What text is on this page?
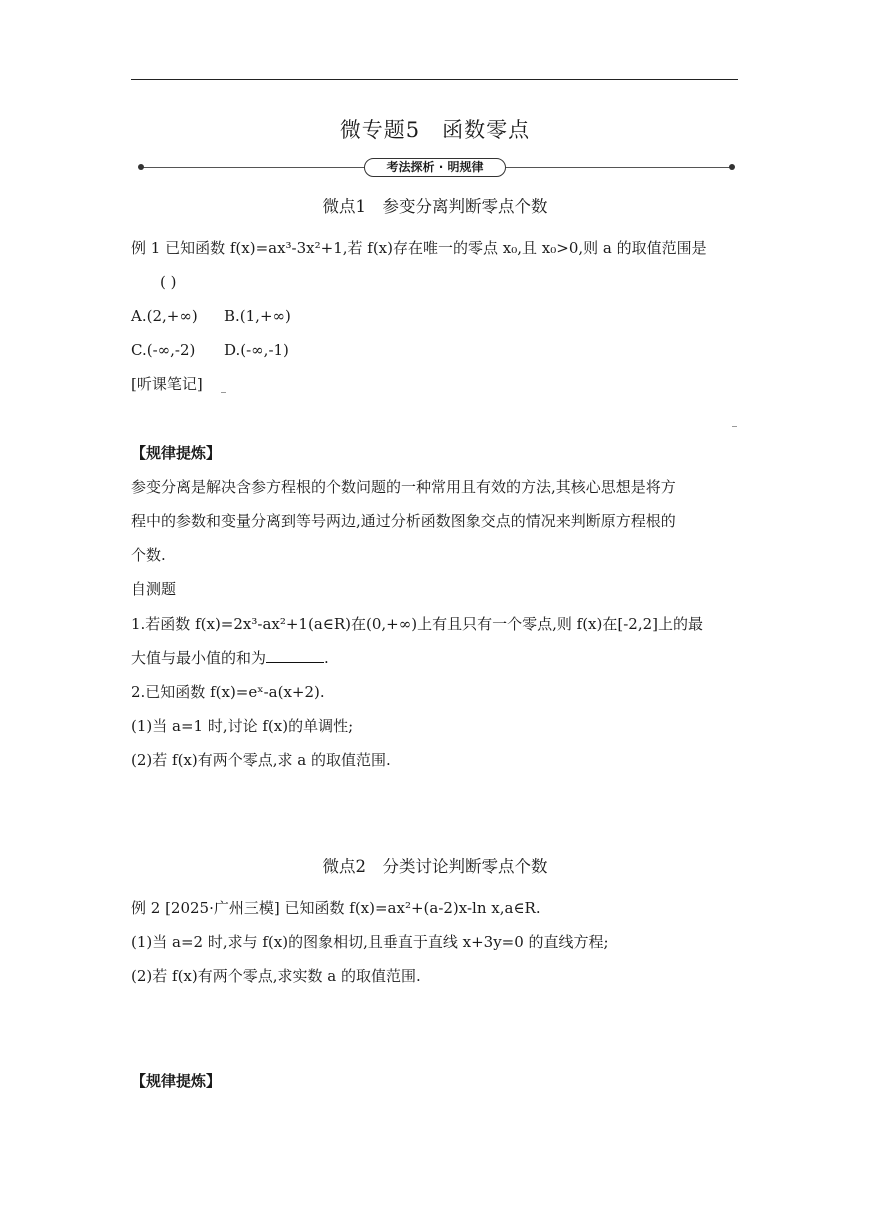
微专题5　函数零点
考法探析 · 明规律
微点1　参变分离判断零点个数
例 1 已知函数 f(x)=ax³-3x²+1,若 f(x)存在唯一的零点 x₀,且 x₀>0,则 a 的取值范围是
( )
A.(2,+∞) B.(1,+∞)
C.(-∞,-2) D.(-∞,-1)
[听课笔记]
【规律提炼】
参变分离是解决含参方程根的个数问题的一种常用且有效的方法,其核心思想是将方
程中的参数和变量分离到等号两边,通过分析函数图象交点的情况来判断原方程根的
个数.
自测题
1.若函数 f(x)=2x³-ax²+1(a∈R)在(0,+∞)上有且只有一个零点,则 f(x)在[-2,2]上的最
大值与最小值的和为	.
2.已知函数 f(x)=eˣ-a(x+2).
(1)当 a=1 时,讨论 f(x)的单调性;
(2)若 f(x)有两个零点,求 a 的取值范围.
微点2　分类讨论判断零点个数
例 2 [2025·广州三模] 已知函数 f(x)=ax²+(a-2)x-ln x,a∈R.
(1)当 a=2 时,求与 f(x)的图象相切,且垂直于直线 x+3y=0 的直线方程;
(2)若 f(x)有两个零点,求实数 a 的取值范围.
【规律提炼】
